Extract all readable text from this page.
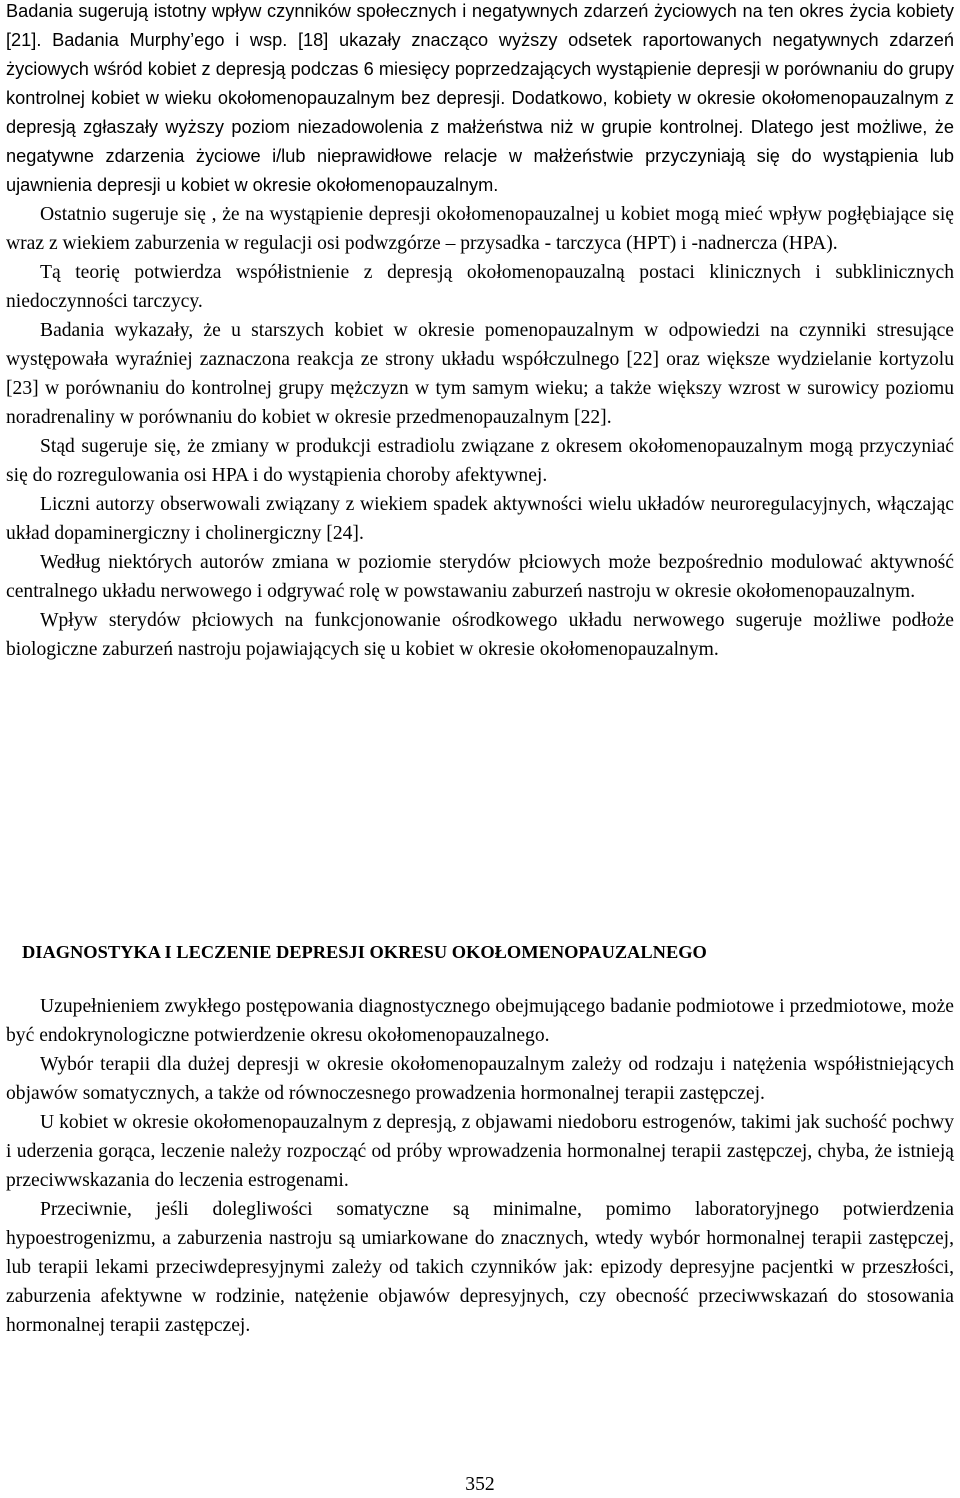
Badania sugerują istotny wpływ czynników społecznych i negatywnych zdarzeń życiowych na ten okres życia kobiety [21]. Badania Murphy’ego i wsp. [18] ukazały znacząco wyższy odsetek raportowanych negatywnych zdarzeń życiowych wśród kobiet z depresją podczas 6 miesięcy poprzedzających wystąpienie depresji w porównaniu do grupy kontrolnej kobiet w wieku okołomenopauzalnym bez depresji. Dodatkowo, kobiety w okresie okołomenopauzalnym z depresją zgłaszały wyższy poziom niezadowolenia z małżeństwa niż w grupie kontrolnej. Dlatego jest możliwe, że negatywne zdarzenia życiowe i/lub nieprawidłowe relacje w małżeństwie przyczyniają się do wystąpienia lub ujawnienia depresji u kobiet w okresie okołomenopauzalnym.

Ostatnio sugeruje się , że na wystąpienie depresji okołomenopauzalnej u kobiet mogą mieć wpływ pogłębiające się wraz z wiekiem zaburzenia w regulacji osi podwzgórze – przysadka - tarczyca (HPT) i -nadnercza (HPA).

Tą teorię potwierdza współistnienie z depresją okołomenopauzalną postaci klinicznych i subklinicznych niedoczynności tarczycy.

Badania wykazały, że u starszych kobiet w okresie pomenopauzalnym w odpowiedzi na czynniki stresujące występowała wyraźniej zaznaczona reakcja ze strony układu współczulnego [22] oraz większe wydzielanie kortyzolu [23] w porównaniu do kontrolnej grupy mężczyzn w tym samym wieku; a także większy wzrost w surowicy poziomu noradrenaliny w porównaniu do kobiet w okresie przedmenopauzalnym [22].

Stąd sugeruje się, że zmiany w produkcji estradiolu związane z okresem okołomenopauzalnym mogą przyczyniać się do rozregulowania osi HPA i do wystąpienia choroby afektywnej.

Liczni autorzy obserwowali związany z wiekiem spadek aktywności wielu układów neuroregulacyjnych, włączając układ dopaminergiczny i cholinergiczny [24].

Według niektórych autorów zmiana w poziomie sterydów płciowych może bezpośrednio modulować aktywność centralnego układu nerwowego i odgrywać rolę w powstawaniu zaburzeń nastroju w okresie okołomenopauzalnym.

Wpływ sterydów płciowych na funkcjonowanie ośrodkowego układu nerwowego sugeruje możliwe podłoże biologiczne zaburzeń nastroju pojawiających się u kobiet w okresie okołomenopauzalnym.

DIAGNOSTYKA I LECZENIE DEPRESJI OKRESU OKOŁOMENOPAUZALNEGO

Uzupełnieniem zwykłego postępowania diagnostycznego obejmującego badanie podmiotowe i przedmiotowe, może być endokrynologiczne potwierdzenie okresu okołomenopauzalnego.

Wybór terapii dla dużej depresji w okresie okołomenopauzalnym zależy od rodzaju i natężenia współistniejących objawów somatycznych, a także od równoczesnego prowadzenia hormonalnej terapii zastępczej.

U kobiet w okresie okołomenopauzalnym z depresją, z objawami niedoboru estrogenów, takimi jak suchość pochwy i uderzenia gorąca, leczenie należy rozpocząć od próby wprowadzenia hormonalnej terapii zastępczej, chyba, że istnieją przeciwwskazania do leczenia estrogenami.

Przeciwnie, jeśli dolegliwości somatyczne są minimalne, pomimo laboratoryjnego potwierdzenia hypoestrogenizmu, a zaburzenia nastroju są umiarkowane do znacznych, wtedy wybór hormonalnej terapii zastępczej, lub terapii lekami przeciwdepresyjnymi zależy od takich czynników jak: epizody depresyjne pacjentki w przeszłości, zaburzenia afektywne w rodzinie, natężenie objawów depresyjnych, czy obecność przeciwwskazań do stosowania hormonalnej terapii zastępczej.

352
